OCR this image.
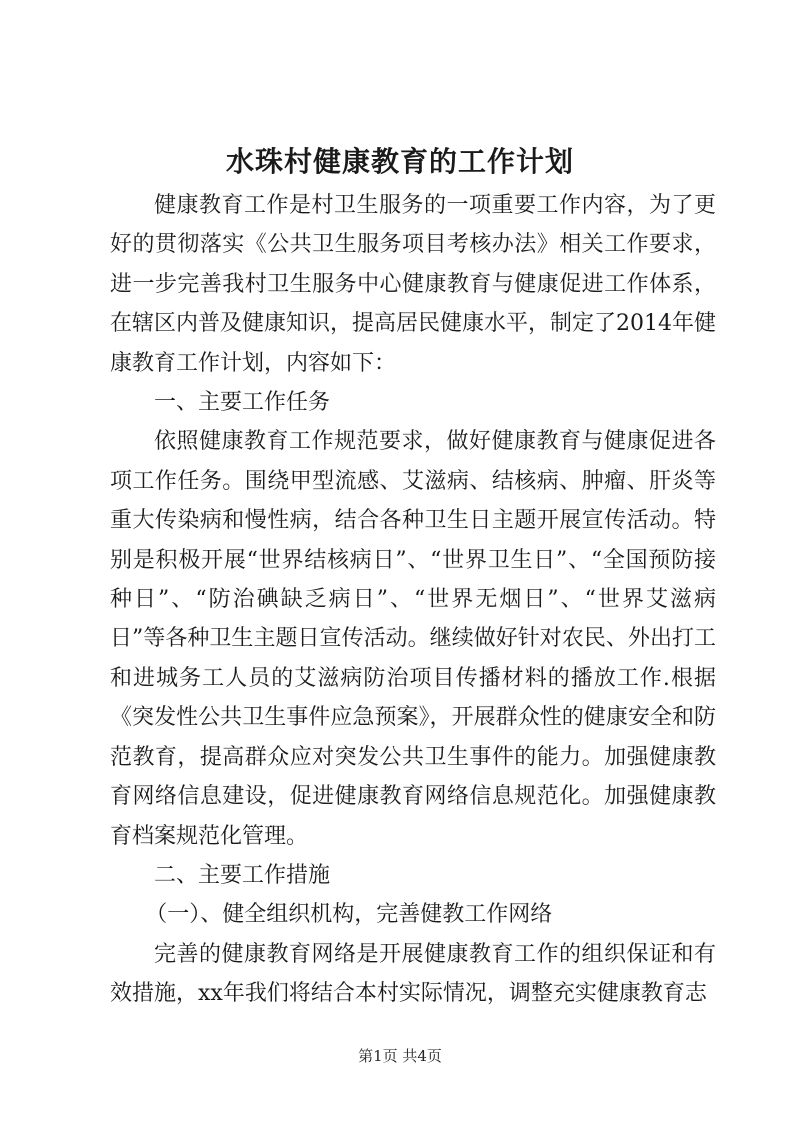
水珠村健康教育的工作计划

健康教育工作是村卫生服务的一项重要工作内容，为了更好的贯彻落实《公共卫生服务项目考核办法》相关工作要求，进一步完善我村卫生服务中心健康教育与健康促进工作体系，在辖区内普及健康知识，提高居民健康水平，制定了2014年健康教育工作计划，内容如下：

一、主要工作任务

依照健康教育工作规范要求，做好健康教育与健康促进各项工作任务。围绕甲型流感、艾滋病、结核病、肿瘤、肝炎等重大传染病和慢性病，结合各种卫生日主题开展宣传活动。特别是积极开展“世界结核病日”、“世界卫生日”、“全国预防接种日”、“防治碘缺乏病日”、“世界无烟日”、“世界艾滋病日”等各种卫生主题日宣传活动。继续做好针对农民、外出打工和进城务工人员的艾滋病防治项目传播材料的播放工作.根据《突发性公共卫生事件应急预案》，开展群众性的健康安全和防范教育，提高群众应对突发公共卫生事件的能力。加强健康教育网络信息建设，促进健康教育网络信息规范化。加强健康教育档案规范化管理。

二、主要工作措施

（一）、健全组织机构，完善健教工作网络

完善的健康教育网络是开展健康教育工作的组织保证和有效措施，xx年我们将结合本村实际情况，调整充实健康教育志

第1页 共4页
